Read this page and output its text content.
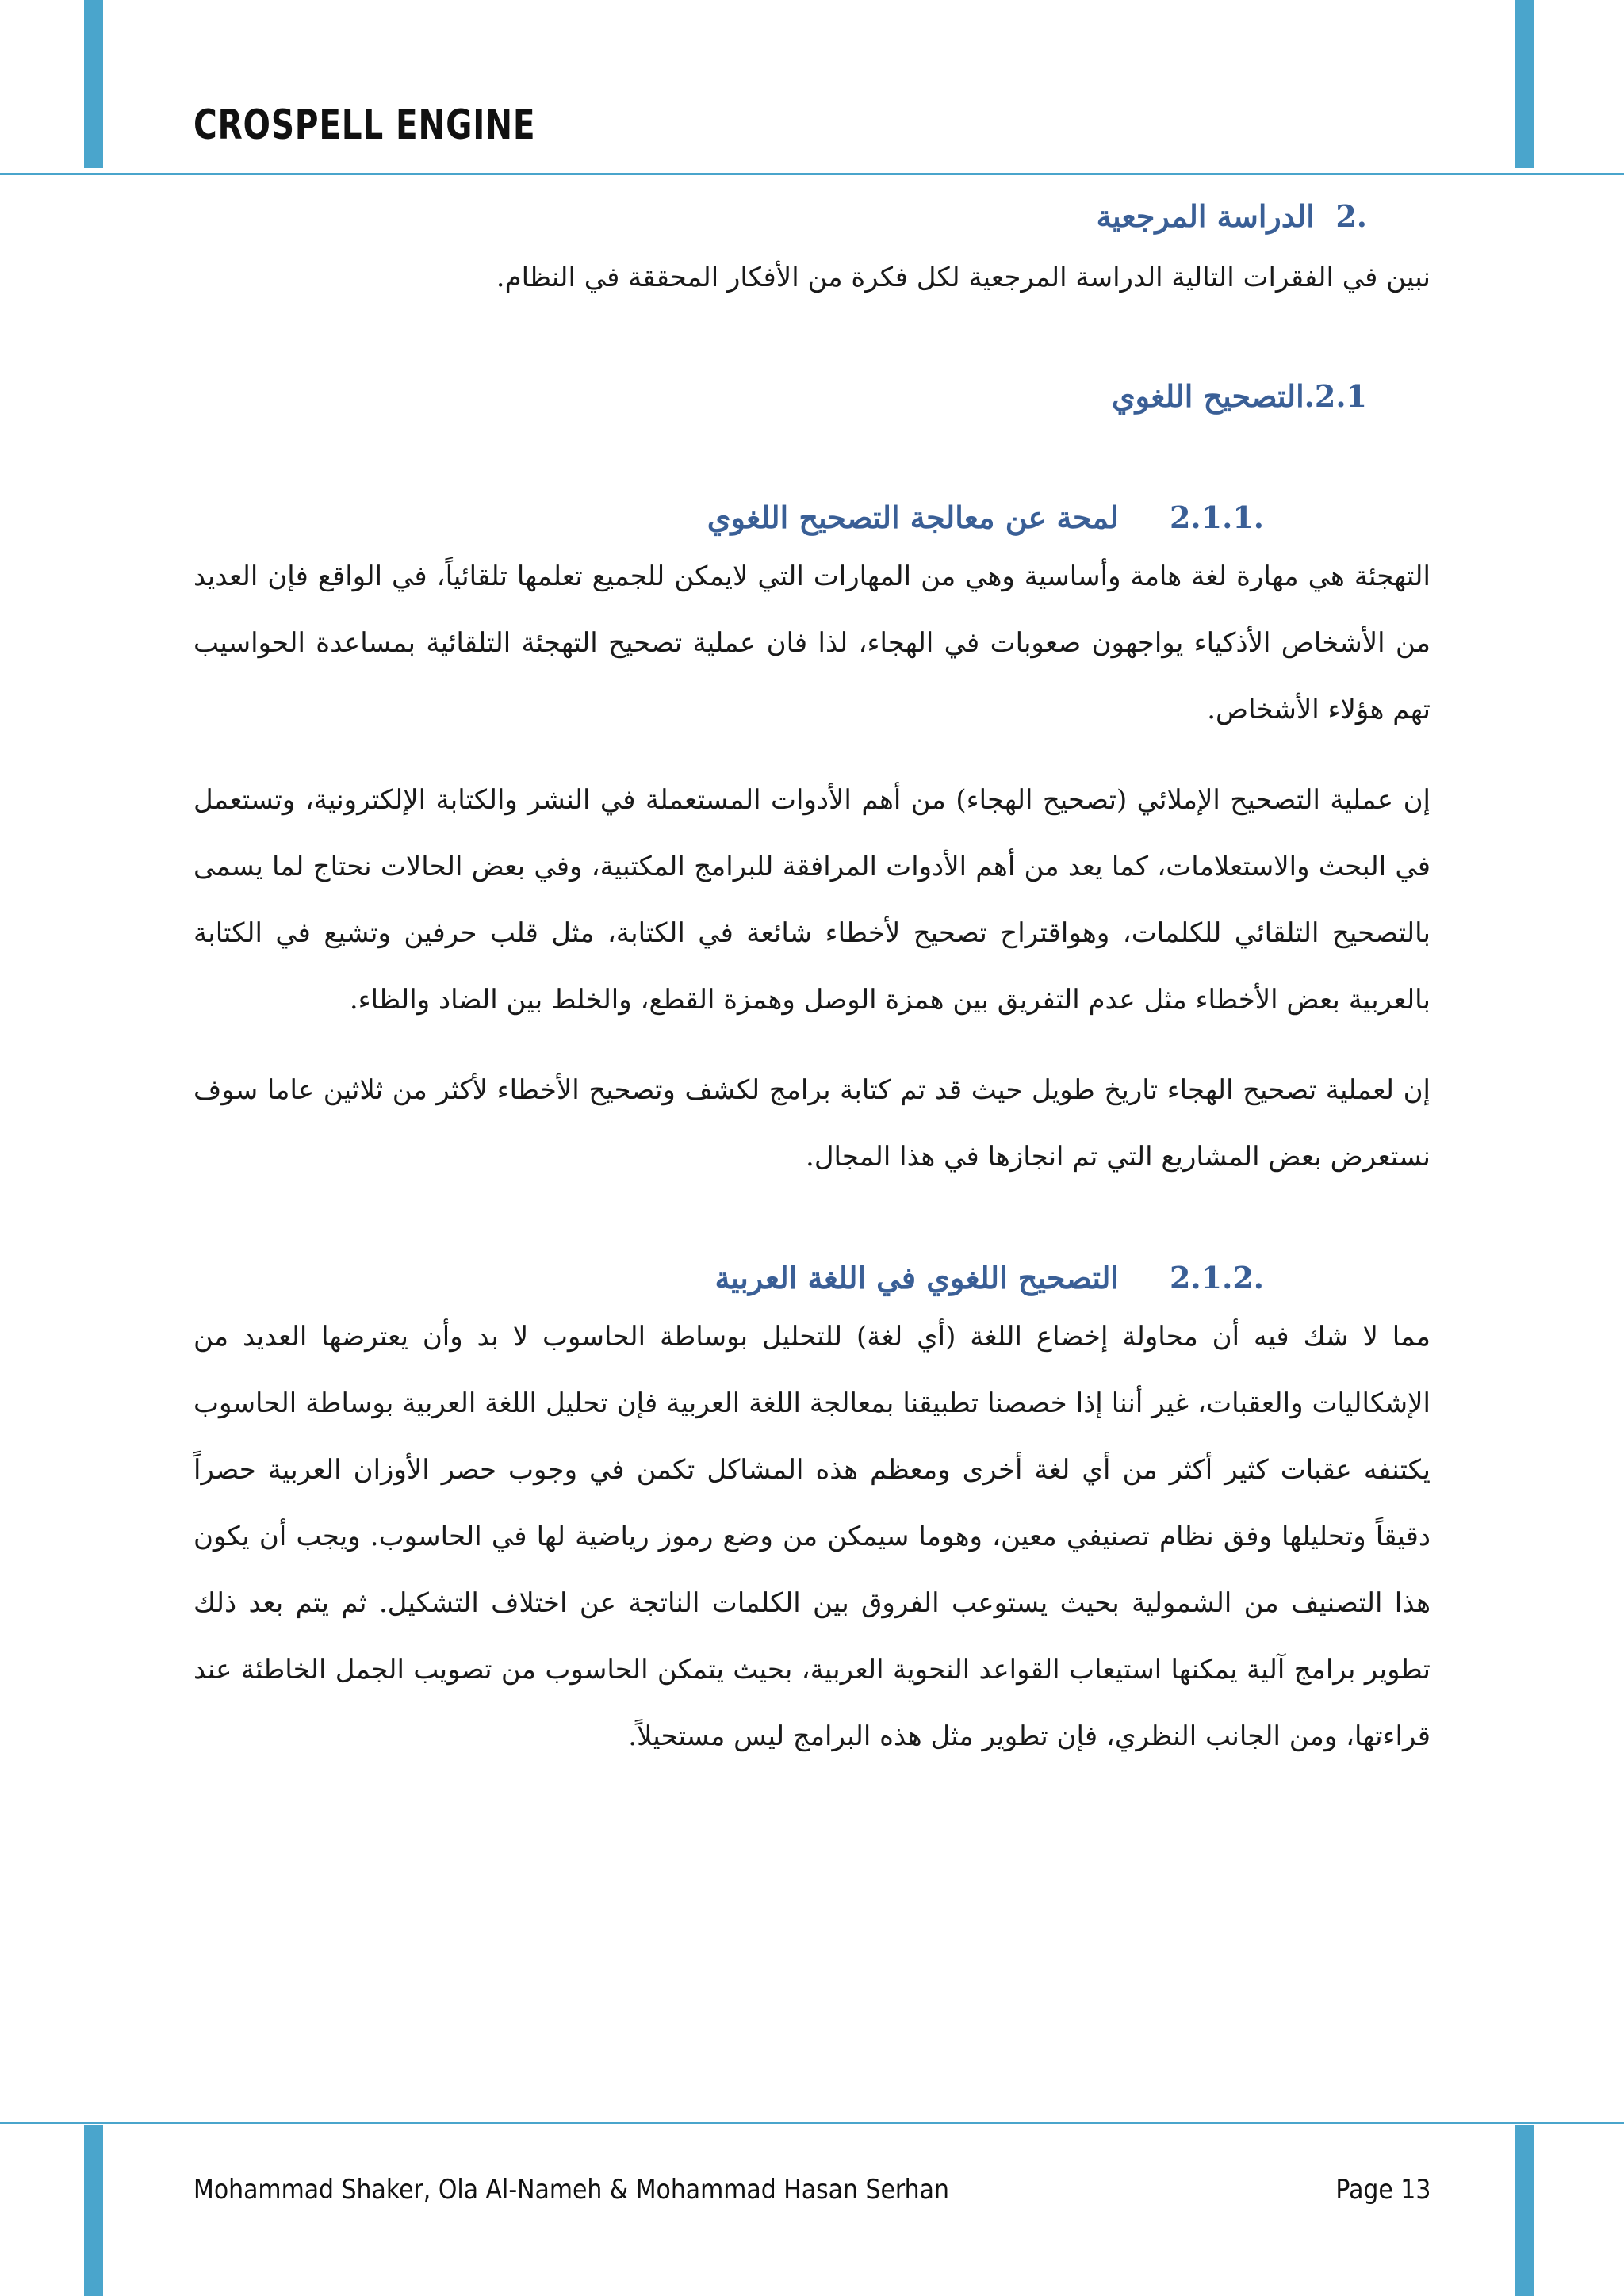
CROSPELL ENGINE
.2  الدراسة المرجعية

نبين في الفقرات التالية الدراسة المرجعية لكل فكرة من الأفكار المحققة في النظام.

2.1.التصحيح اللغوي
.2.1.1لمحة عن معالجة التصحيح اللغوي

التهجئة هي مهارة لغة هامة وأساسية وهي من المهارات التي لايمكن للجميع تعلمها تلقائياً، في الواقع فإن العديد من الأشخاص الأذكياء يواجهون صعوبات في الهجاء، لذا فان عملية تصحيح التهجئة التلقائية بمساعدة الحواسيب تهم هؤلاء الأشخاص.

إن عملية التصحيح الإملائي (تصحيح الهجاء) من أهم الأدوات المستعملة في النشر والكتابة الإلكترونية، وتستعمل في البحث والاستعلامات، كما يعد من أهم الأدوات المرافقة للبرامج المكتبية، وفي بعض الحالات نحتاج لما يسمى بالتصحيح التلقائي للكلمات، وهواقتراح تصحيح لأخطاء شائعة في الكتابة، مثل قلب حرفين وتشيع في الكتابة بالعربية بعض الأخطاء مثل عدم التفريق بين همزة الوصل وهمزة القطع، والخلط بين الضاد والظاء.

إن لعملية تصحيح الهجاء تاريخ طويل حيث قد تم كتابة برامج لكشف وتصحيح الأخطاء لأكثر من ثلاثين عاما سوف نستعرض بعض المشاريع التي تم انجازها في هذا المجال.

.2.1.2التصحيح اللغوي في اللغة العربية

مما لا شك فيه أن محاولة إخضاع اللغة (أي لغة) للتحليل بوساطة الحاسوب لا بد وأن يعترضها العديد من الإشكاليات والعقبات، غير أننا إذا خصصنا تطبيقنا بمعالجة اللغة العربية فإن تحليل اللغة العربية بوساطة الحاسوب يكتنفه عقبات كثير أكثر من أي لغة أخرى ومعظم هذه المشاكل تكمن في وجوب حصر الأوزان العربية حصراً دقيقاً وتحليلها وفق نظام تصنيفي معين، وهوما سيمكن من وضع رموز رياضية لها في الحاسوب. ويجب أن يكون هذا التصنيف من الشمولية بحيث يستوعب الفروق بين الكلمات الناتجة عن اختلاف التشكيل. ثم يتم بعد ذلك تطوير برامج آلية يمكنها استيعاب القواعد النحوية العربية، بحيث يتمكن الحاسوب من تصويب الجمل الخاطئة عند قراءتها، ومن الجانب النظري، فإن تطوير مثل هذه البرامج ليس مستحيلاً.

Mohammad Shaker, Ola Al-Nameh & Mohammad Hasan Serhan	Page 13
